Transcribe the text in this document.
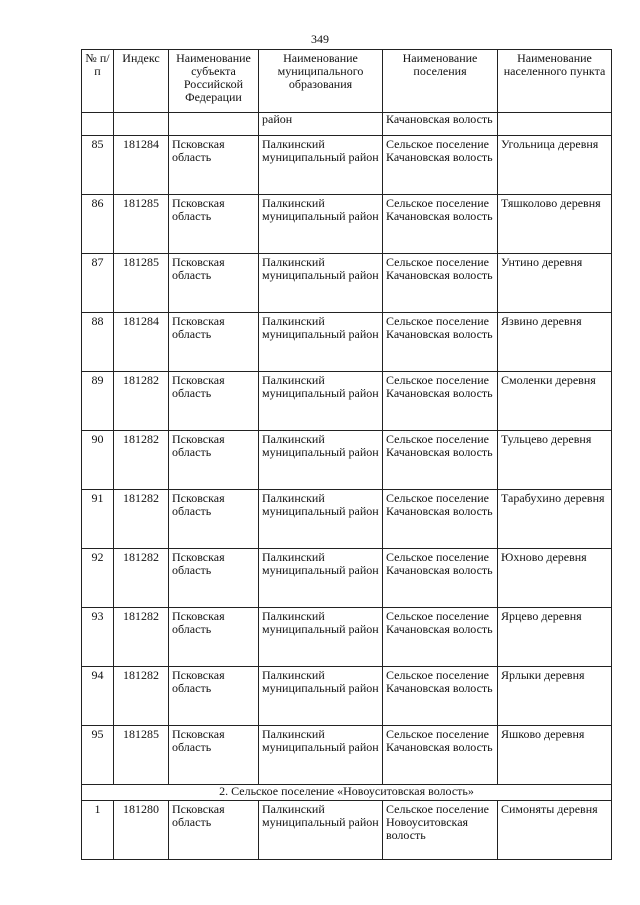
349
№ п/п	Индекс	Наименование субъекта Российской Федерации	Наименование муниципального образования	Наименование поселения	Наименование населенного пункта
			район	Качановская волость	
85	181284	Псковская область	Палкинский муниципальный район	Сельское поселение Качановская волость	Угольница деревня
86	181285	Псковская область	Палкинский муниципальный район	Сельское поселение Качановская волость	Тяшколово деревня
87	181285	Псковская область	Палкинский муниципальный район	Сельское поселение Качановская волость	Унтино деревня
88	181284	Псковская область	Палкинский муниципальный район	Сельское поселение Качановская волость	Язвино деревня
89	181282	Псковская область	Палкинский муниципальный район	Сельское поселение Качановская волость	Смоленки деревня
90	181282	Псковская область	Палкинский муниципальный район	Сельское поселение Качановская волость	Тульцево деревня
91	181282	Псковская область	Палкинский муниципальный район	Сельское поселение Качановская волость	Тарабухино деревня
92	181282	Псковская область	Палкинский муниципальный район	Сельское поселение Качановская волость	Юхново деревня
93	181282	Псковская область	Палкинский муниципальный район	Сельское поселение Качановская волость	Ярцево деревня
94	181282	Псковская область	Палкинский муниципальный район	Сельское поселение Качановская волость	Ярлыки деревня
95	181285	Псковская область	Палкинский муниципальный район	Сельское поселение Качановская волость	Яшково деревня
2. Сельское поселение «Новоуситовская волость»					
1	181280	Псковская область	Палкинский муниципальный район	Сельское поселение Новоуситовская волость	Симоняты деревня
